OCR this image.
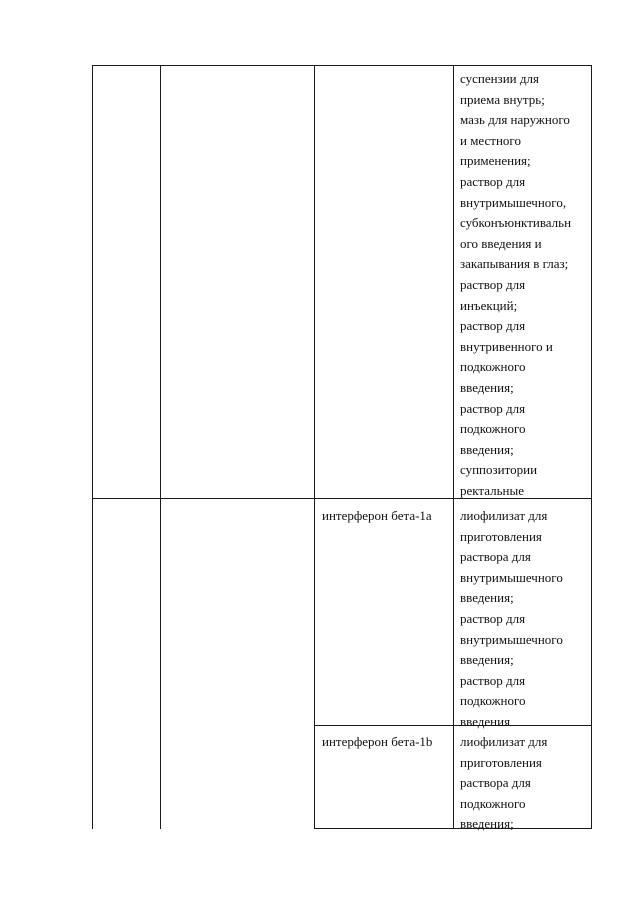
интерферон бета-1a
интерферон бета-1b
суспензии для
приема внутрь;
мазь для наружного
и местного
применения;
раствор для
внутримышечного,
субконъюнктивальн
ого введения и
закапывания в глаз;
раствор для
инъекций;
раствор для
внутривенного и
подкожного
введения;
раствор для
подкожного
введения;
суппозитории
ректальные
лиофилизат для
приготовления
раствора для
внутримышечного
введения;
раствор для
внутримышечного
введения;
раствор для
подкожного
введения
лиофилизат для
приготовления
раствора для
подкожного
введения;
